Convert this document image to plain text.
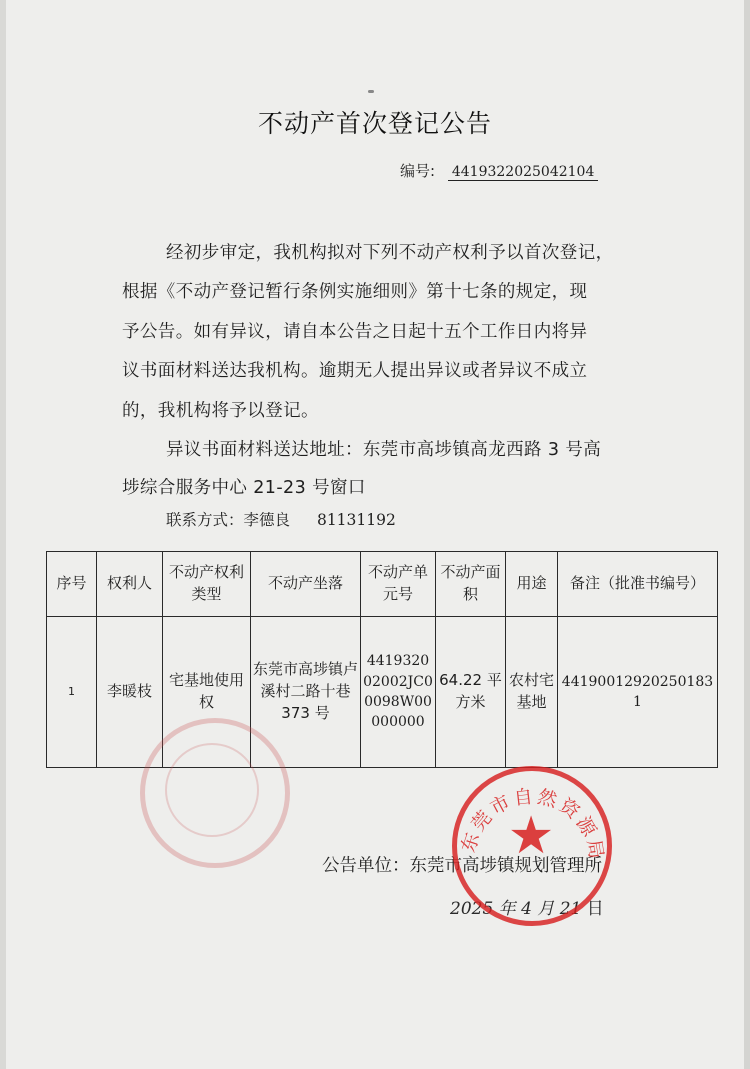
不动产首次登记公告
编号: 4419322025042104
经初步审定，我机构拟对下列不动产权利予以首次登记，
根据《不动产登记暂行条例实施细则》第十七条的规定，现
予公告。如有异议，请自本公告之日起十五个工作日内将异
议书面材料送达我机构。逾期无人提出异议或者异议不成立
的，我机构将予以登记。
异议书面材料送达地址：东莞市高埗镇高龙西路 3 号高
埗综合服务中心 21-23 号窗口
联系方式：李德良 81131192
序号	权利人	不动产权利类型	不动产坐落	不动产单元号	不动产面积	用途	备注（批准书编号）
1	李暖枝	宅基地使用权	东莞市高埗镇卢溪村二路十巷 373 号	441932002002JC00098W00000000	64.22 平方米	农村宅基地	441900129202501831
公告单位：东莞市高埗镇规划管理所
2025 年 4 月 21 日
东莞市自然资源局
★
